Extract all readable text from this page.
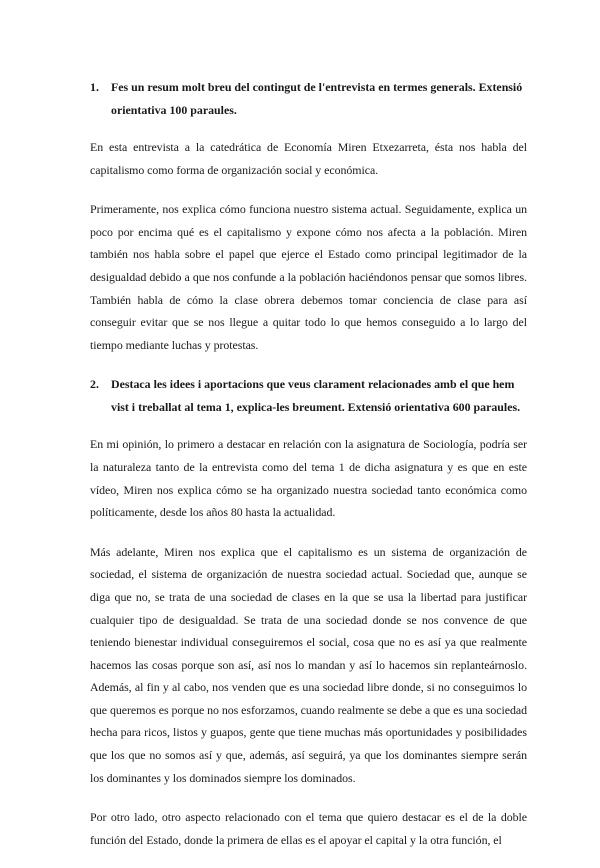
1.	Fes un resum molt breu del contingut de l'entrevista en termes generals. Extensió orientativa 100 paraules.

En esta entrevista a la catedrática de Economía Miren Etxezarreta, ésta nos habla del capitalismo como forma de organización social y económica.

Primeramente, nos explica cómo funciona nuestro sistema actual. Seguidamente, explica un poco por encima qué es el capitalismo y expone cómo nos afecta a la población. Miren también nos habla sobre el papel que ejerce el Estado como principal legitimador de la desigualdad debido a que nos confunde a la población haciéndonos pensar que somos libres. También habla de cómo la clase obrera debemos tomar conciencia de clase para así conseguir evitar que se nos llegue a quitar todo lo que hemos conseguido a lo largo del tiempo mediante luchas y protestas.

2.	Destaca les idees i aportacions que veus clarament relacionades amb el que hem vist i treballat al tema 1, explica-les breument. Extensió orientativa 600 paraules.

En mi opinión, lo primero a destacar en relación con la asignatura de Sociología, podría ser la naturaleza tanto de la entrevista como del tema 1 de dicha asignatura y es que en este vídeo, Miren nos explica cómo se ha organizado nuestra sociedad tanto económica como políticamente, desde los años 80 hasta la actualidad.

Más adelante, Miren nos explica que el capitalismo es un sistema de organización de sociedad, el sistema de organización de nuestra sociedad actual. Sociedad que, aunque se diga que no, se trata de una sociedad de clases en la que se usa la libertad para justificar cualquier tipo de desigualdad. Se trata de una sociedad donde se nos convence de que teniendo bienestar individual conseguiremos el social, cosa que no es así ya que realmente hacemos las cosas porque son así, así nos lo mandan y así lo hacemos sin replanteárnoslo. Además, al fin y al cabo, nos venden que es una sociedad libre donde, si no conseguimos lo que queremos es porque no nos esforzamos, cuando realmente se debe a que es una sociedad hecha para ricos, listos y guapos, gente que tiene muchas más oportunidades y posibilidades que los que no somos así y que, además, así seguirá, ya que los dominantes siempre serán los dominantes y los dominados siempre los dominados.

Por otro lado, otro aspecto relacionado con el tema que quiero destacar es el de la doble función del Estado, donde la primera de ellas es el apoyar el capital y la otra función, el
